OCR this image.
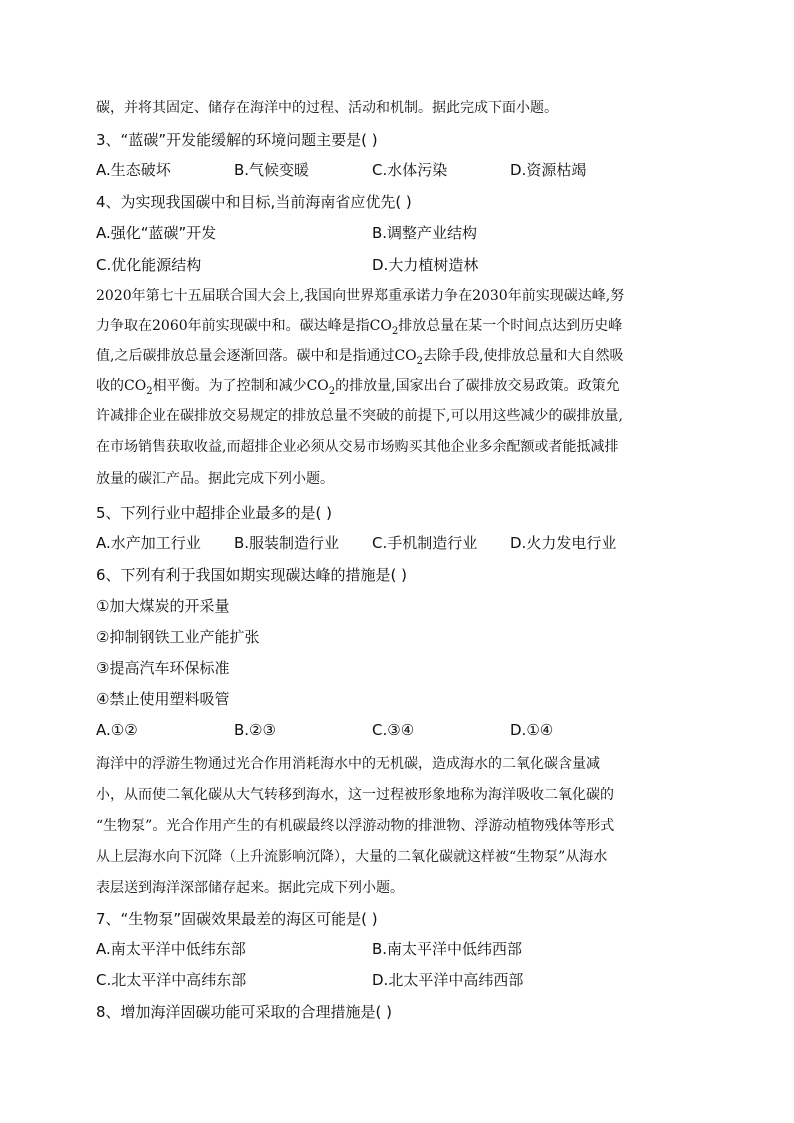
碳，并将其固定、储存在海洋中的过程、活动和机制。据此完成下面小题。
3、“蓝碳”开发能缓解的环境问题主要是( )
A.生态破坏	B.气候变暖	C.水体污染	D.资源枯竭
4、为实现我国碳中和目标,当前海南省应优先( )
A.强化“蓝碳”开发	B.调整产业结构
C.优化能源结构	D.大力植树造林
2020年第七十五届联合国大会上,我国向世界郑重承诺力争在2030年前实现碳达峰,努
力争取在2060年前实现碳中和。碳达峰是指$CO_2$排放总量在某一个时间点达到历史峰
值,之后碳排放总量会逐渐回落。碳中和是指通过$CO_2$去除手段,使排放总量和大自然吸
收的$CO_2$相平衡。为了控制和减少$CO_2$的排放量,国家出台了碳排放交易政策。政策允
许减排企业在碳排放交易规定的排放总量不突破的前提下,可以用这些减少的碳排放量,
在市场销售获取收益,而超排企业必须从交易市场购买其他企业多余配额或者能抵减排
放量的碳汇产品。据此完成下列小题。
5、下列行业中超排企业最多的是( )
A.水产加工行业 B.服装制造行业 C.手机制造行业 D.火力发电行业
6、下列有利于我国如期实现碳达峰的措施是( )
①加大煤炭的开采量
②抑制钢铁工业产能扩张
③提高汽车环保标准
④禁止使用塑料吸管
A.①②	B.②③	C.③④	D.①④
海洋中的浮游生物通过光合作用消耗海水中的无机碳，造成海水的二氧化碳含量减
小，从而使二氧化碳从大气转移到海水，这一过程被形象地称为海洋吸收二氧化碳的
“生物泵”。光合作用产生的有机碳最终以浮游动物的排泄物、浮游动植物残体等形式
从上层海水向下沉降（上升流影响沉降），大量的二氧化碳就这样被“生物泵”从海水
表层送到海洋深部储存起来。据此完成下列小题。
7、“生物泵”固碳效果最差的海区可能是( )
A.南太平洋中低纬东部	B.南太平洋中低纬西部
C.北太平洋中高纬东部	D.北太平洋中高纬西部
8、增加海洋固碳功能可采取的合理措施是( )
